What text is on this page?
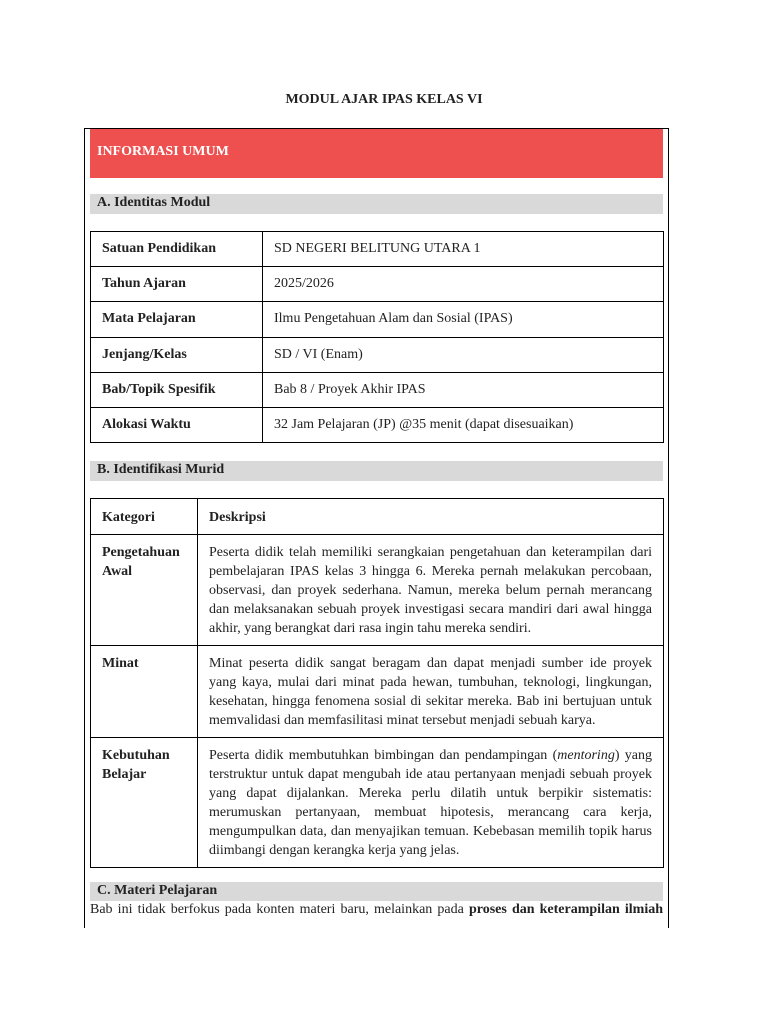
MODUL AJAR IPAS KELAS VI
INFORMASI UMUM
A. Identitas Modul
Satuan Pendidikan	SD NEGERI BELITUNG UTARA 1
Tahun Ajaran	2025/2026
Mata Pelajaran	Ilmu Pengetahuan Alam dan Sosial (IPAS)
Jenjang/Kelas	SD / VI (Enam)
Bab/Topik Spesifik	Bab 8 / Proyek Akhir IPAS
Alokasi Waktu	32 Jam Pelajaran (JP) @35 menit (dapat disesuaikan)
B. Identifikasi Murid
Kategori	Deskripsi
Pengetahuan Awal	Peserta didik telah memiliki serangkaian pengetahuan dan keterampilan dari pembelajaran IPAS kelas 3 hingga 6. Mereka pernah melakukan percobaan, observasi, dan proyek sederhana. Namun, mereka belum pernah merancang dan melaksanakan sebuah proyek investigasi secara mandiri dari awal hingga akhir, yang berangkat dari rasa ingin tahu mereka sendiri.
Minat	Minat peserta didik sangat beragam dan dapat menjadi sumber ide proyek yang kaya, mulai dari minat pada hewan, tumbuhan, teknologi, lingkungan, kesehatan, hingga fenomena sosial di sekitar mereka. Bab ini bertujuan untuk memvalidasi dan memfasilitasi minat tersebut menjadi sebuah karya.
Kebutuhan Belajar	Peserta didik membutuhkan bimbingan dan pendampingan (mentoring) yang terstruktur untuk dapat mengubah ide atau pertanyaan menjadi sebuah proyek yang dapat dijalankan. Mereka perlu dilatih untuk berpikir sistematis: merumuskan pertanyaan, membuat hipotesis, merancang cara kerja, mengumpulkan data, dan menyajikan temuan. Kebebasan memilih topik harus diimbangi dengan kerangka kerja yang jelas.
C. Materi Pelajaran
Bab ini tidak berfokus pada konten materi baru, melainkan pada proses dan keterampilan ilmiah
